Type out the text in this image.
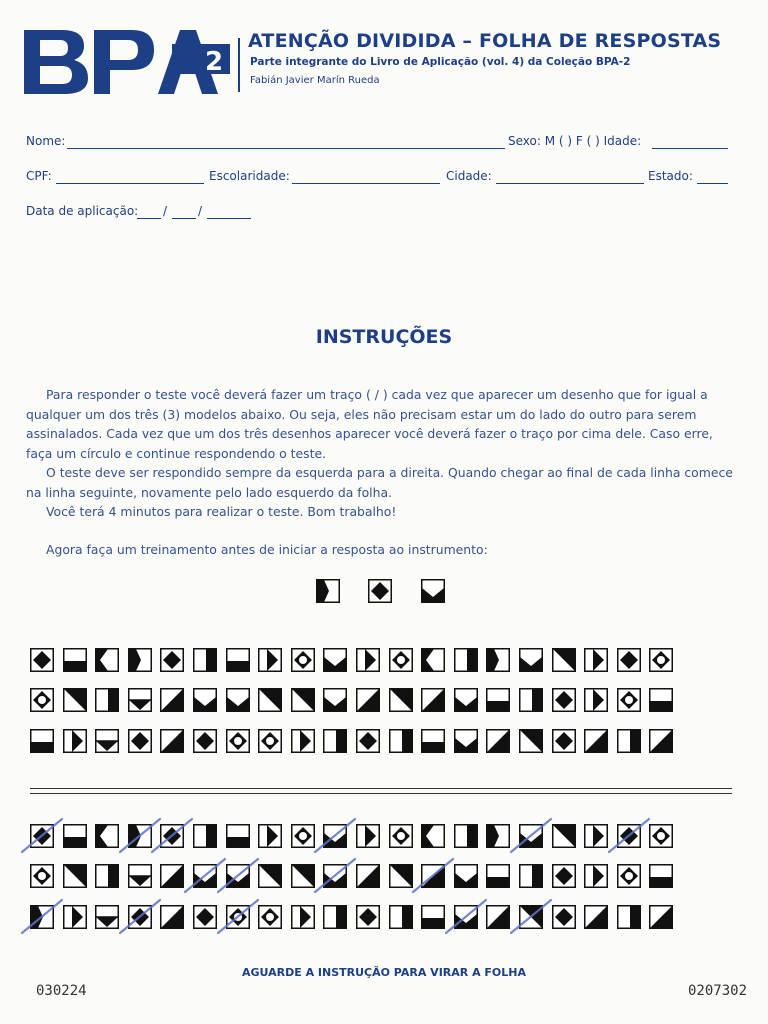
2
ATENÇÃO DIVIDIDA – FOLHA DE RESPOSTAS
Parte integrante do Livro de Aplicação (vol. 4) da Coleção BPA-2
Fabián Javier Marín Rueda
Nome:	Sexo: M ( ) F ( ) Idade:
CPF:	Escolaridade:	Cidade:	Estado:
Data de aplicação: /	/
INSTRUÇÕES

Para responder o teste você deverá fazer um traço ( / ) cada vez que aparecer um desenho que for igual a qualquer um dos três (3) modelos abaixo. Ou seja, eles não precisam estar um do lado do outro para serem assinalados. Cada vez que um dos três desenhos aparecer você deverá fazer o traço por cima dele. Caso erre, faça um círculo e continue respondendo o teste.

O teste deve ser respondido sempre da esquerda para a direita. Quando chegar ao final de cada linha comece na linha seguinte, novamente pelo lado esquerdo da folha.

Você terá 4 minutos para realizar o teste. Bom trabalho!

Agora faça um treinamento antes de iniciar a resposta ao instrumento:

AGUARDE A INSTRUÇÃO PARA VIRAR A FOLHA
030224	0207302
